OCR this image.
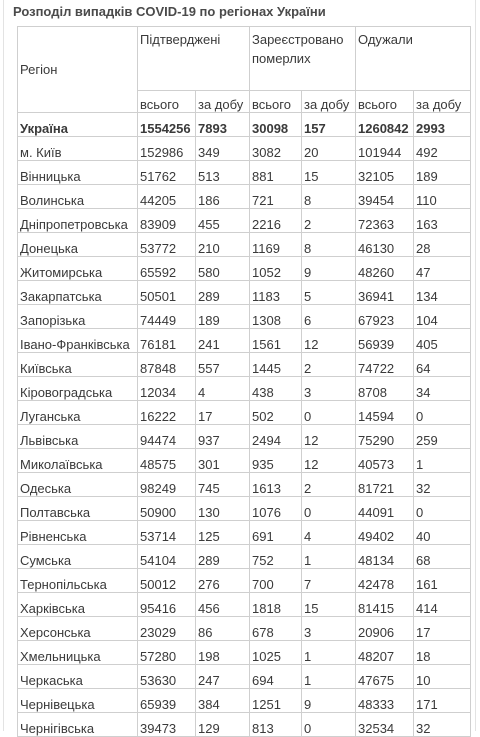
Розподіл випадків COVID-19 по регіонах України
Регіон	Підтверджені		Зареєстровано померлих		Одужали	
	всього	за добу	всього	за добу	всього	за добу
Україна	1554256	7893	30098	157	1260842	2993
м. Київ	152986	349	3082	20	101944	492
Вінницька	51762	513	881	15	32105	189
Волинська	44205	186	721	8	39454	110
Дніпропетровська	83909	455	2216	2	72363	163
Донецька	53772	210	1169	8	46130	28
Житомирська	65592	580	1052	9	48260	47
Закарпатська	50501	289	1183	5	36941	134
Запорізька	74449	189	1308	6	67923	104
Івано-Франківська	76181	241	1561	12	56939	405
Київська	87848	557	1445	2	74722	64
Кіровоградська	12034	4	438	3	8708	34
Луганська	16222	17	502	0	14594	0
Львівська	94474	937	2494	12	75290	259
Миколаївська	48575	301	935	12	40573	1
Одеська	98249	745	1613	2	81721	32
Полтавська	50900	130	1076	0	44091	0
Рівненська	53714	125	691	4	49402	40
Сумська	54104	289	752	1	48134	68
Тернопільська	50012	276	700	7	42478	161
Харківська	95416	456	1818	15	81415	414
Херсонська	23029	86	678	3	20906	17
Хмельницька	57280	198	1025	1	48207	18
Черкаська	53630	247	694	1	47675	10
Чернівецька	65939	384	1251	9	48333	171
Чернігівська	39473	129	813	0	32534	32
